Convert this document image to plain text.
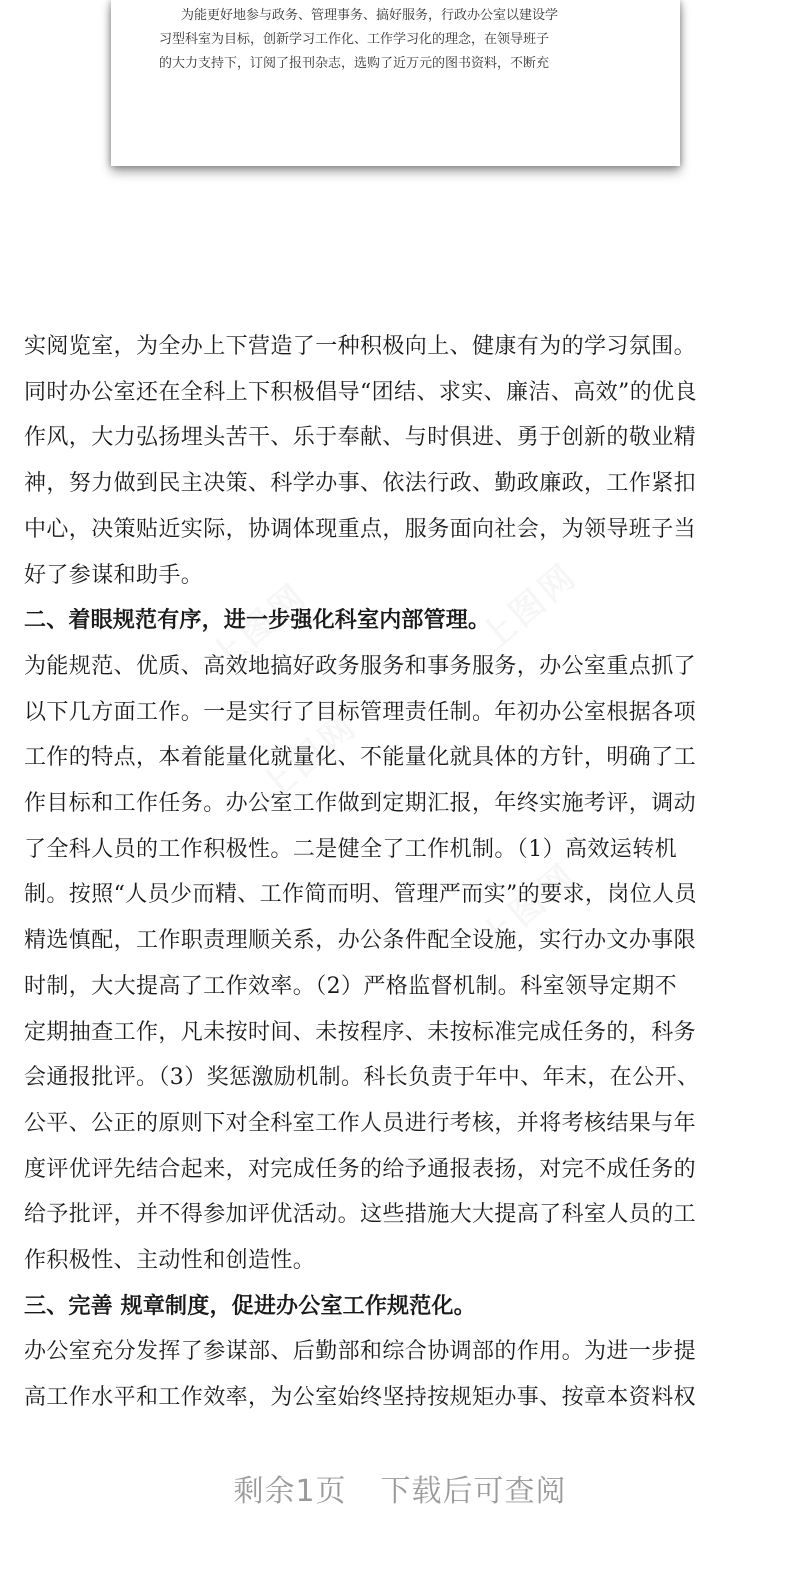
为能更好地参与政务、管理事务、搞好服务，行政办公室以建设学
习型科室为目标，创新学习工作化、工作学习化的理念，在领导班子
的大力支持下，订阅了报刊杂志，选购了近万元的图书资料，不断充
实阅览室，为全办上下营造了一种积极向上、健康有为的学习氛围。
同时办公室还在全科上下积极倡导“团结、求实、廉洁、高效”的优良
作风，大力弘扬埋头苦干、乐于奉献、与时俱进、勇于创新的敬业精
神，努力做到民主决策、科学办事、依法行政、勤政廉政，工作紧扣
中心，决策贴近实际，协调体现重点，服务面向社会，为领导班子当
好了参谋和助手。
二、着眼规范有序，进一步强化科室内部管理。
为能规范、优质、高效地搞好政务服务和事务服务，办公室重点抓了
以下几方面工作。一是实行了目标管理责任制。年初办公室根据各项
工作的特点，本着能量化就量化、不能量化就具体的方针，明确了工
作目标和工作任务。办公室工作做到定期汇报，年终实施考评，调动
了全科人员的工作积极性。二是健全了工作机制。（1）高效运转机
制。按照“人员少而精、工作简而明、管理严而实”的要求，岗位人员
精选慎配，工作职责理顺关系，办公条件配全设施，实行办文办事限
时制，大大提高了工作效率。（2）严格监督机制。科室领导定期不
定期抽查工作，凡未按时间、未按程序、未按标准完成任务的，科务
会通报批评。（3）奖惩激励机制。科长负责于年中、年末，在公开、
公平、公正的原则下对全科室工作人员进行考核，并将考核结果与年
度评优评先结合起来，对完成任务的给予通报表扬，对完不成任务的
给予批评，并不得参加评优活动。这些措施大大提高了科室人员的工
作积极性、主动性和创造性。
三、完善 规章制度，促进办公室工作规范化。
办公室充分发挥了参谋部、后勤部和综合协调部的作用。为进一步提
高工作水平和工作效率，为公室始终坚持按规矩办事、按章本资料权
剩余1页 下载后可查阅
